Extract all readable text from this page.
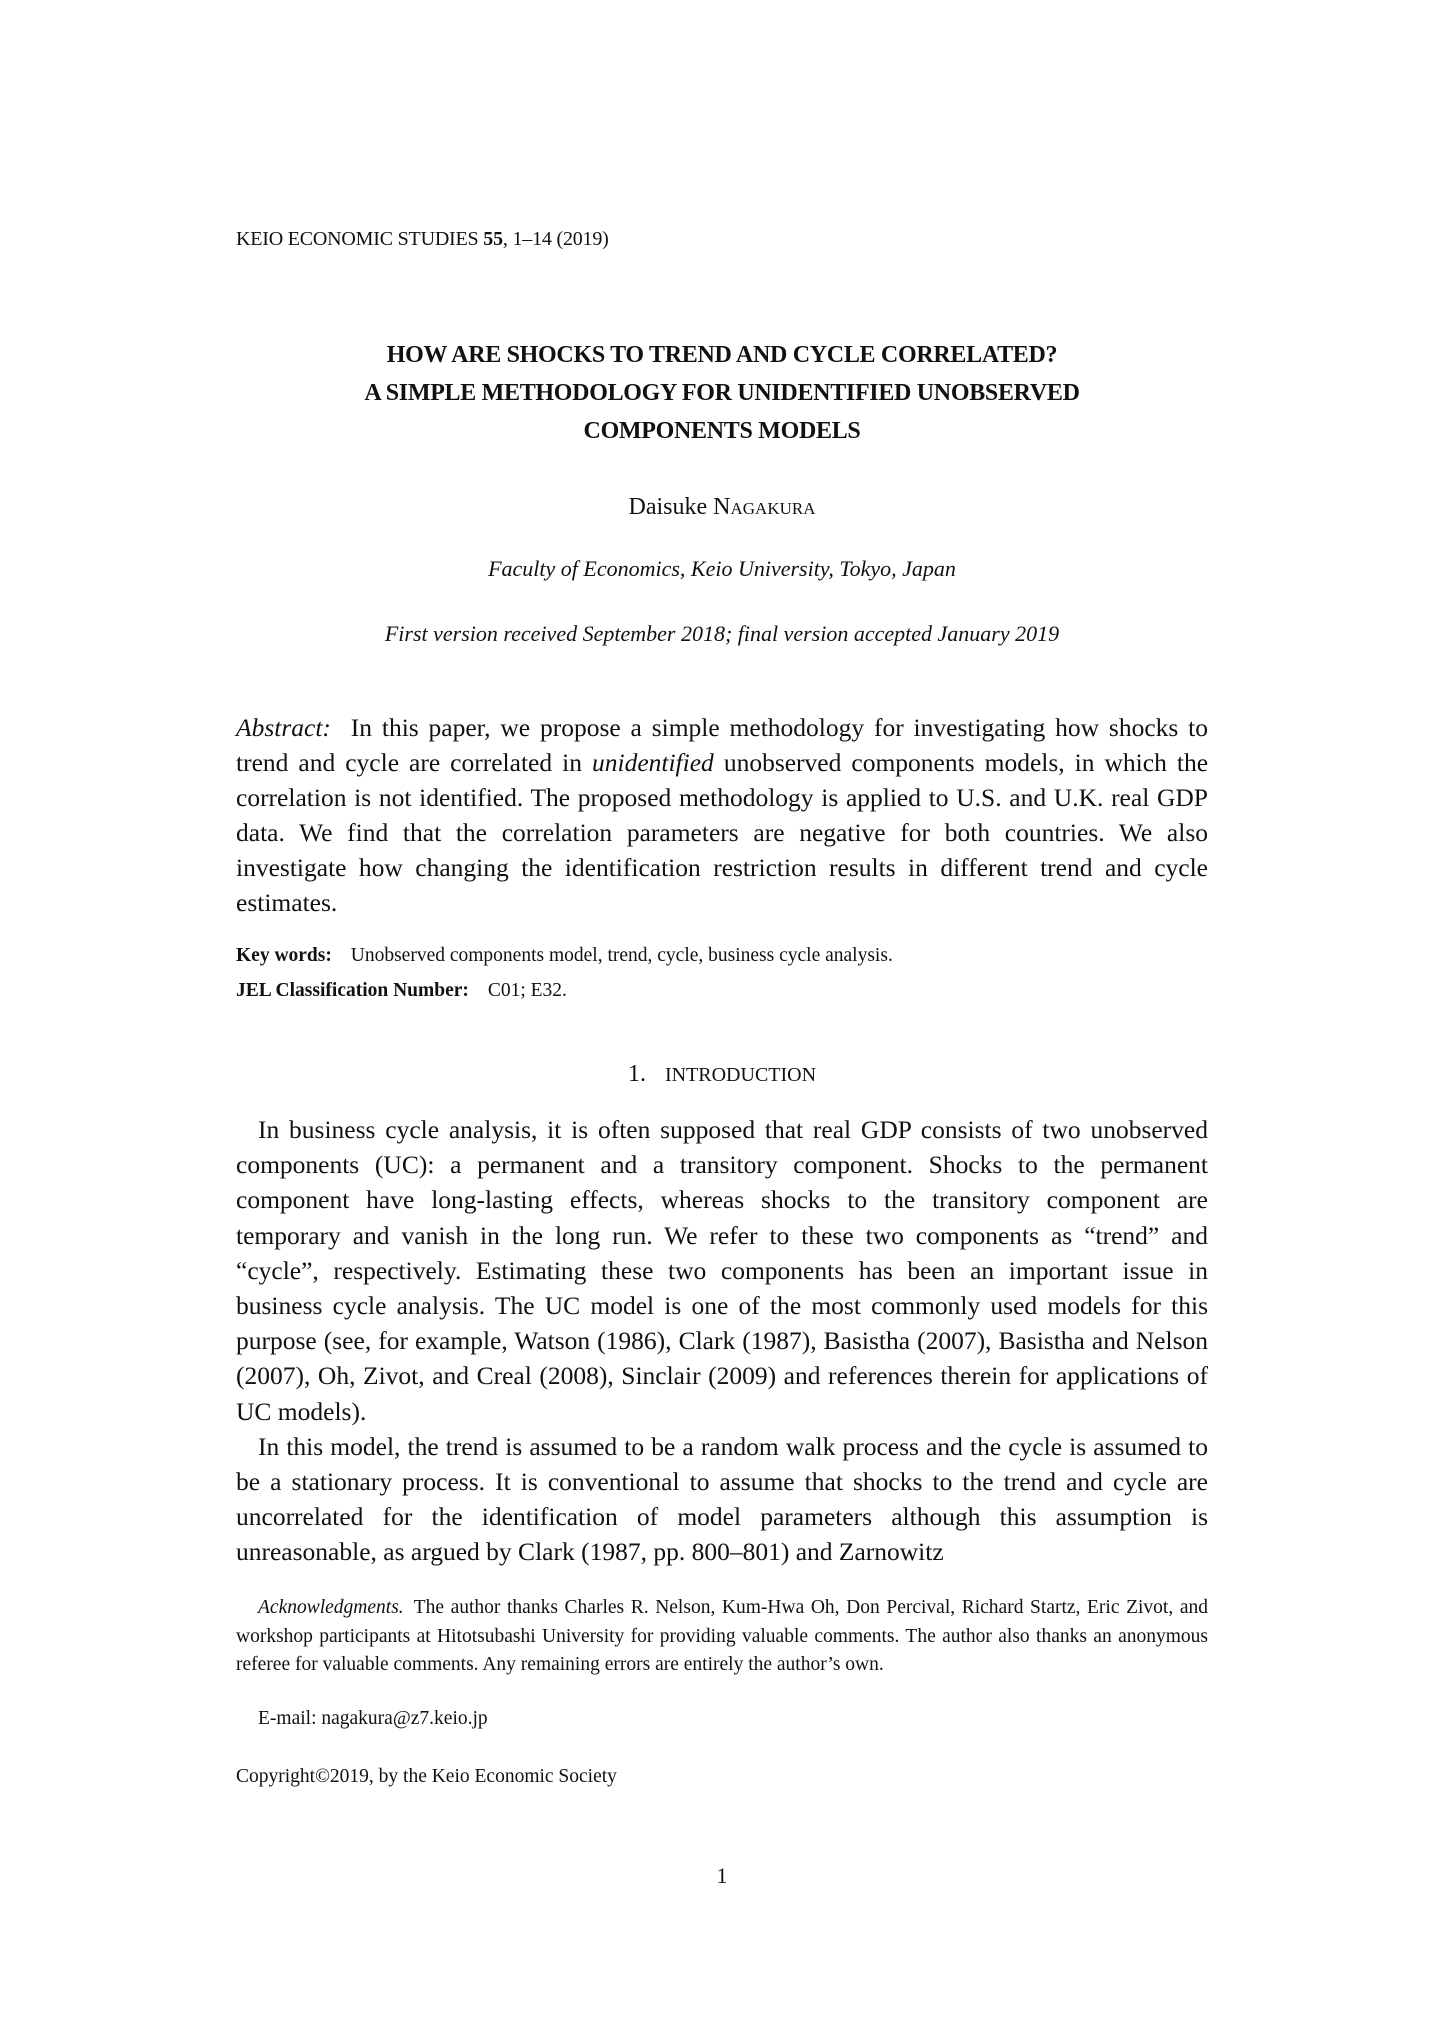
KEIO ECONOMIC STUDIES 55, 1–14 (2019)
HOW ARE SHOCKS TO TREND AND CYCLE CORRELATED?
A SIMPLE METHODOLOGY FOR UNIDENTIFIED UNOBSERVED
COMPONENTS MODELS
Daisuke Nagakura
Faculty of Economics, Keio University, Tokyo, Japan
First version received September 2018; final version accepted January 2019
Abstract: In this paper, we propose a simple methodology for investigating how shocks to trend and cycle are correlated in unidentified unobserved components models, in which the correlation is not identified. The proposed methodology is applied to U.S. and U.K. real GDP data. We find that the correlation parameters are negative for both countries. We also investigate how changing the identification restriction results in different trend and cycle estimates.
Key words: Unobserved components model, trend, cycle, business cycle analysis.
JEL Classification Number: C01; E32.
1. INTRODUCTION

In business cycle analysis, it is often supposed that real GDP consists of two unobserved components (UC): a permanent and a transitory component. Shocks to the permanent component have long-lasting effects, whereas shocks to the transitory component are temporary and vanish in the long run. We refer to these two components as “trend” and “cycle”, respectively. Estimating these two components has been an important issue in business cycle analysis. The UC model is one of the most commonly used models for this purpose (see, for example, Watson (1986), Clark (1987), Basistha (2007), Basistha and Nelson (2007), Oh, Zivot, and Creal (2008), Sinclair (2009) and references therein for applications of UC models).

In this model, the trend is assumed to be a random walk process and the cycle is assumed to be a stationary process. It is conventional to assume that shocks to the trend and cycle are uncorrelated for the identification of model parameters although this assumption is unreasonable, as argued by Clark (1987, pp. 800–801) and Zarnowitz

Acknowledgments. The author thanks Charles R. Nelson, Kum-Hwa Oh, Don Percival, Richard Startz, Eric Zivot, and workshop participants at Hitotsubashi University for providing valuable comments. The author also thanks an anonymous referee for valuable comments. Any remaining errors are entirely the author’s own.

E-mail: nagakura@z7.keio.jp
Copyright©2019, by the Keio Economic Society
1
